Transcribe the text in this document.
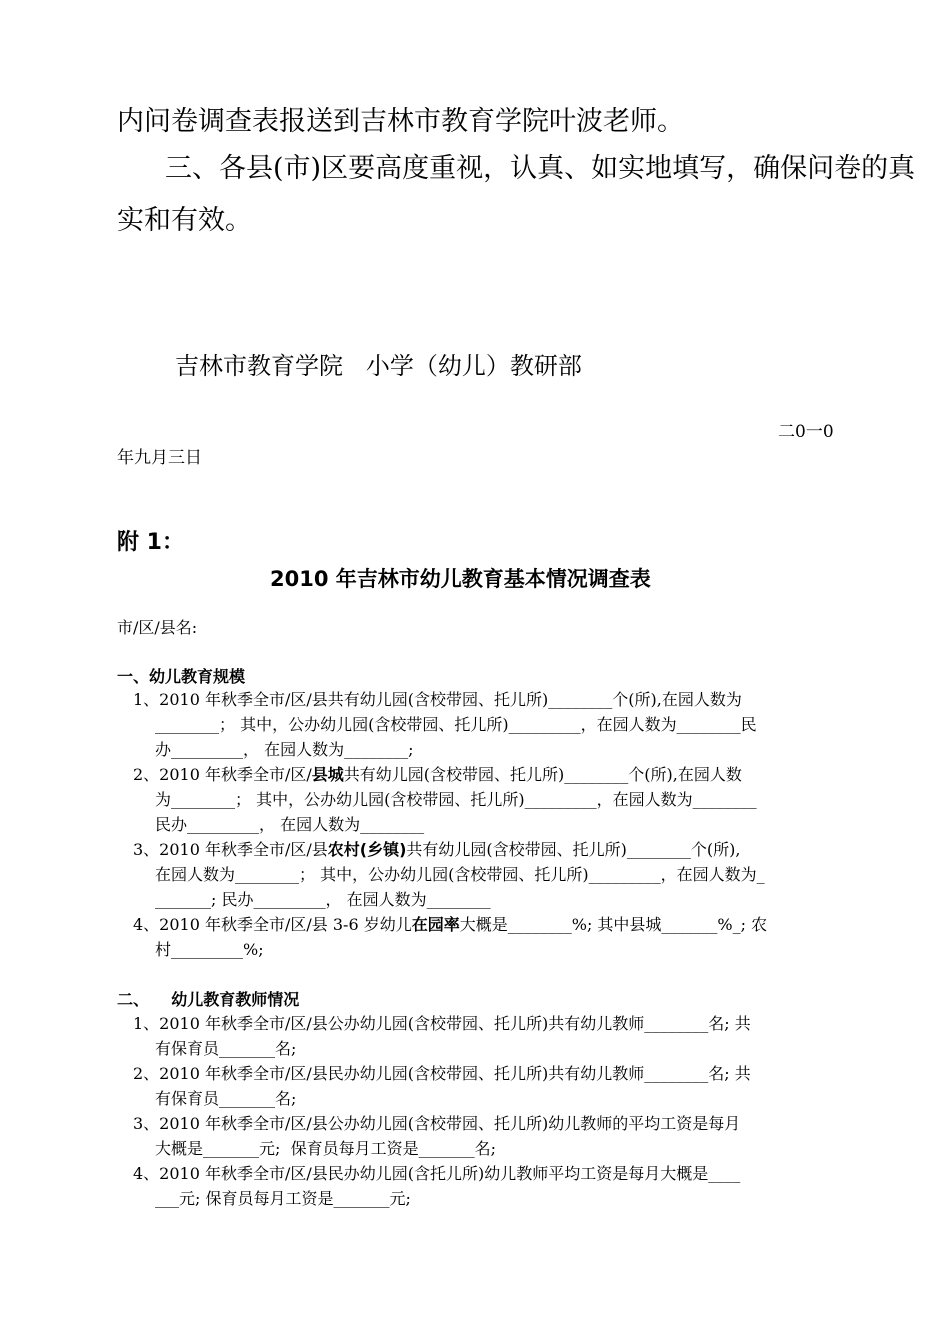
内问卷调查表报送到吉林市教育学院叶波老师。
三、各县(市)区要高度重视，认真、如实地填写，确保问卷的真
实和有效。
吉林市教育学院   小学（幼儿）教研部
二0一0
年九月三日
附 1：
2010 年吉林市幼儿教育基本情况调查表
市/区/县名:
一、幼儿教育规模
1、2010 年秋季全市/区/县共有幼儿园(含校带园、托儿所)________个(所),在园人数为
________； 其中，公办幼儿园(含校带园、托儿所)_________，在园人数为________民
办_________， 在园人数为________;
2、2010 年秋季全市/区/县城共有幼儿园(含校带园、托儿所)________个(所),在园人数
为________； 其中，公办幼儿园(含校带园、托儿所)_________，在园人数为________
民办_________， 在园人数为________
3、2010 年秋季全市/区/县农村(乡镇)共有幼儿园(含校带园、托儿所)________个(所),
在园人数为________； 其中，公办幼儿园(含校带园、托儿所)_________，在园人数为_
_______; 民办_________， 在园人数为________
4、2010 年秋季全市/区/县 3-6 岁幼儿在园率大概是________%; 其中县城_______%_; 农
村_________%;
二、    幼儿教育教师情况
1、2010 年秋季全市/区/县公办幼儿园(含校带园、托儿所)共有幼儿教师________名; 共
有保育员_______名;
2、2010 年秋季全市/区/县民办幼儿园(含校带园、托儿所)共有幼儿教师________名; 共
有保育员_______名;
3、2010 年秋季全市/区/县公办幼儿园(含校带园、托儿所)幼儿教师的平均工资是每月
大概是_______元;  保育员每月工资是_______名;
4、2010 年秋季全市/区/县民办幼儿园(含托儿所)幼儿教师平均工资是每月大概是____
___元; 保育员每月工资是_______元;
